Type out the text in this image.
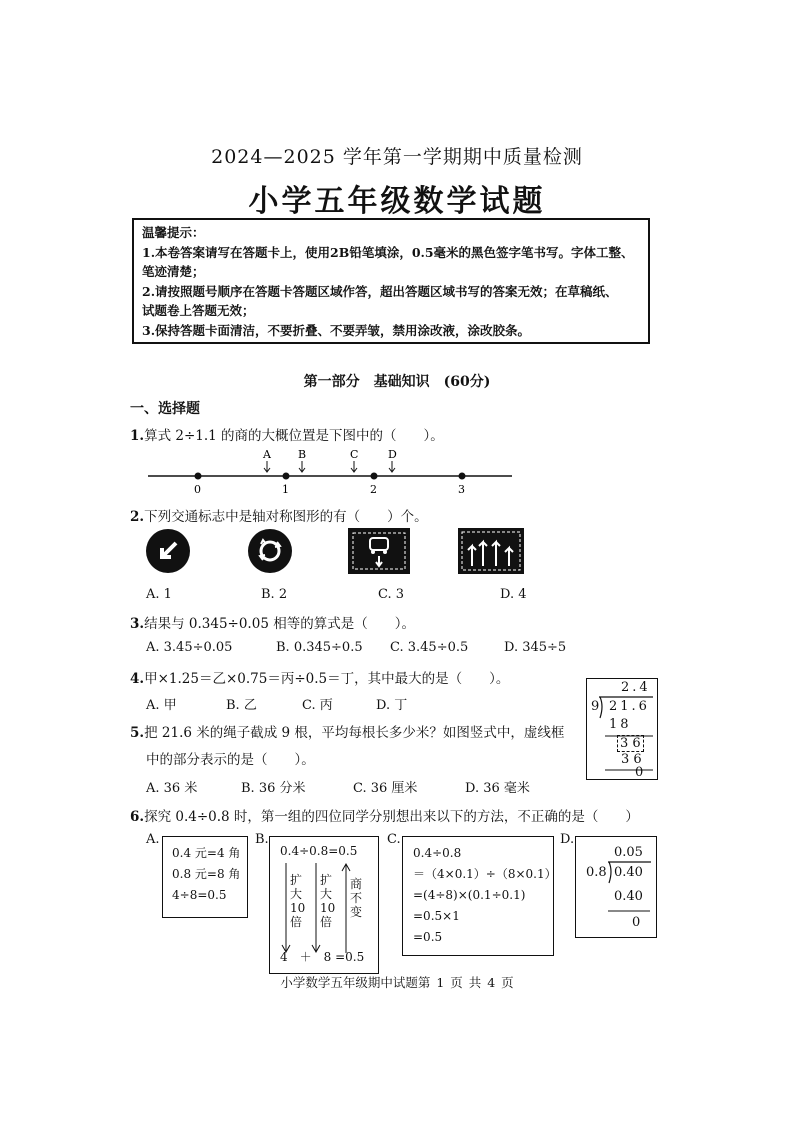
2024—2025 学年第一学期期中质量检测
小学五年级数学试题

温馨提示：

1.本卷答案请写在答题卡上，使用2B铅笔填涂，0.5毫米的黑色签字笔书写。字体工整、

笔迹清楚；

2.请按照题号顺序在答题卡答题区域作答，超出答题区域书写的答案无效；在草稿纸、

试题卷上答题无效；

3.保持答题卡面清洁，不要折叠、不要弄皱，禁用涂改液，涂改胶条。

第一部分　基础知识　(60分)
一、选择题
1.算式 2÷1.1 的商的大概位置是下图中的（　　）。
0	1	2	3
A B	C	D
2.下列交通标志中是轴对称图形的有（　　）个。
A. 1	B. 2	C. 3	D. 4
3.结果与 0.345÷0.05 相等的算式是（　　）。
A. 3.45÷0.05	B. 0.345÷0.5 C. 3.45÷0.5	D. 345÷5
4.甲×1.25＝乙×0.75＝丙÷0.5＝丁，其中最大的是（　　）。
A. 甲	B. 乙	C. 丙	D. 丁
2.4
9 21.6
18
3 6
3 6
0
5.把 21.6 米的绳子截成 9 根，平均每根长多少米？如图竖式中，虚线框
中的部分表示的是（　　）。
A. 36 米	B. 36 分米	C. 36 厘米	D. 36 毫米
6.探究 0.4÷0.8 时，第一组的四位同学分别想出来以下的方法，不正确的是（　　）
A.
0.4 元=4 角
0.8 元=8 角
4÷8=0.5
B.
0.4÷0.8=0.5
扩大10倍
扩大10倍
商不变
4　＋　8 =0.5
C.
0.4÷0.8
＝（4×0.1）÷（8×0.1）
=(4÷8)×(0.1÷0.1)
=0.5×1
=0.5
D.
0.05
0.8 0.40
0.40
0
小学数学五年级期中试题第 1 页 共 4 页
